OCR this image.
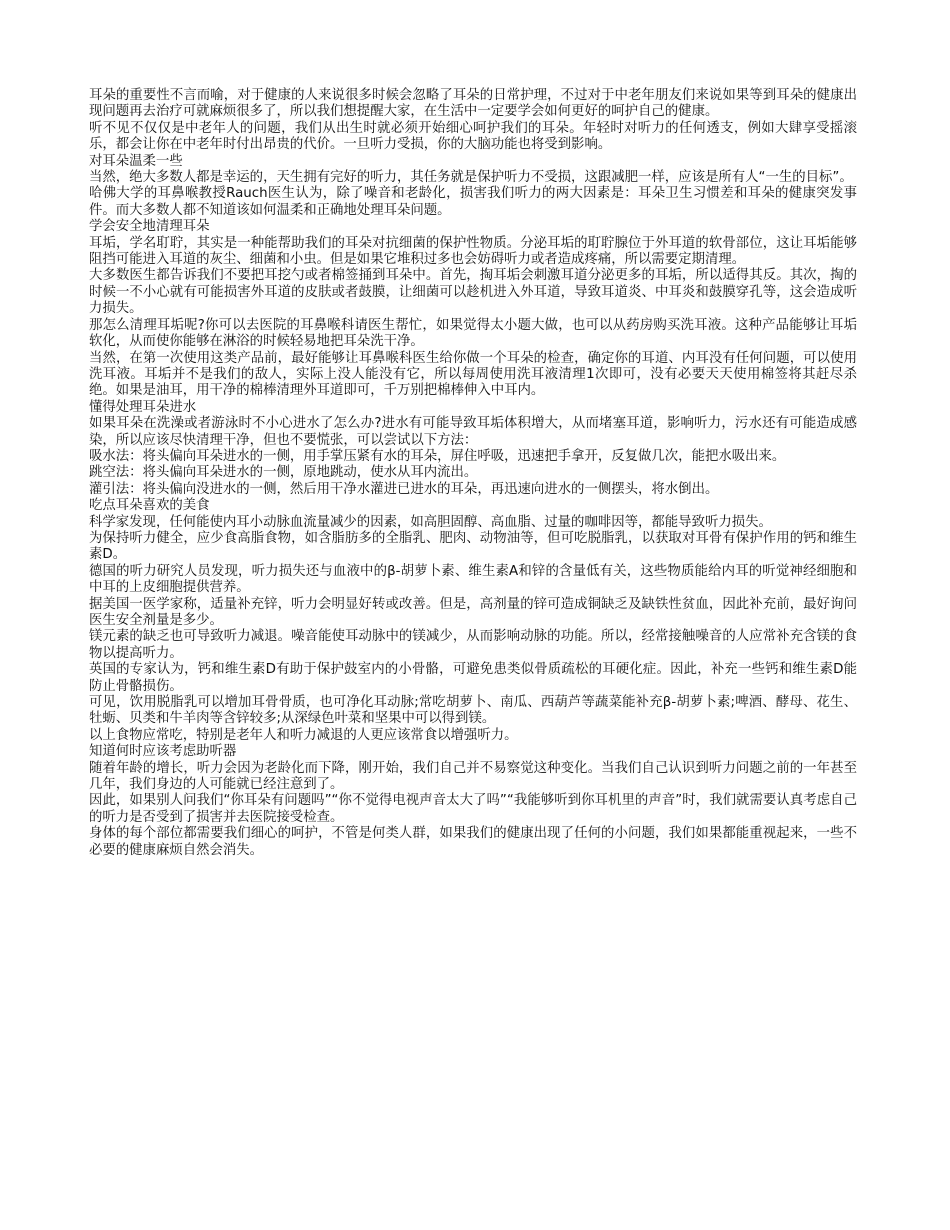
耳朵的重要性不言而喻，对于健康的人来说很多时候会忽略了耳朵的日常护理，不过对于中老年朋友们来说如果等到耳朵的健康出现问题再去治疗可就麻烦很多了，所以我们想提醒大家，在生活中一定要学会如何更好的呵护自己的健康。

听不见不仅仅是中老年人的问题，我们从出生时就必须开始细心呵护我们的耳朵。年轻时对听力的任何透支，例如大肆享受摇滚乐，都会让你在中老年时付出昂贵的代价。一旦听力受损，你的大脑功能也将受到影响。

对耳朵温柔一些

当然，绝大多数人都是幸运的，天生拥有完好的听力，其任务就是保护听力不受损，这跟减肥一样，应该是所有人“一生的目标”。

哈佛大学的耳鼻喉教授Rauch医生认为，除了噪音和老龄化，损害我们听力的两大因素是：耳朵卫生习惯差和耳朵的健康突发事件。而大多数人都不知道该如何温柔和正确地处理耳朵问题。

学会安全地清理耳朵

耳垢，学名耵聍，其实是一种能帮助我们的耳朵对抗细菌的保护性物质。分泌耳垢的耵聍腺位于外耳道的软骨部位，这让耳垢能够阻挡可能进入耳道的灰尘、细菌和小虫。但是如果它堆积过多也会妨碍听力或者造成疼痛，所以需要定期清理。

大多数医生都告诉我们不要把耳挖勺或者棉签捅到耳朵中。首先，掏耳垢会刺激耳道分泌更多的耳垢，所以适得其反。其次，掏的时候一不小心就有可能损害外耳道的皮肤或者鼓膜，让细菌可以趁机进入外耳道，导致耳道炎、中耳炎和鼓膜穿孔等，这会造成听力损失。

那怎么清理耳垢呢?你可以去医院的耳鼻喉科请医生帮忙，如果觉得太小题大做，也可以从药房购买洗耳液。这种产品能够让耳垢软化，从而使你能够在淋浴的时候轻易地把耳朵洗干净。

当然，在第一次使用这类产品前，最好能够让耳鼻喉科医生给你做一个耳朵的检查，确定你的耳道、内耳没有任何问题，可以使用洗耳液。耳垢并不是我们的敌人，实际上没人能没有它，所以每周使用洗耳液清理1次即可，没有必要天天使用棉签将其赶尽杀绝。如果是油耳，用干净的棉棒清理外耳道即可，千万别把棉棒伸入中耳内。

懂得处理耳朵进水

如果耳朵在洗澡或者游泳时不小心进水了怎么办?进水有可能导致耳垢体积增大，从而堵塞耳道，影响听力，污水还有可能造成感染，所以应该尽快清理干净，但也不要慌张，可以尝试以下方法：

吸水法：将头偏向耳朵进水的一侧，用手掌压紧有水的耳朵，屏住呼吸，迅速把手拿开，反复做几次，能把水吸出来。

跳空法：将头偏向耳朵进水的一侧，原地跳动，使水从耳内流出。

灌引法：将头偏向没进水的一侧，然后用干净水灌进已进水的耳朵，再迅速向进水的一侧摆头，将水倒出。

吃点耳朵喜欢的美食

科学家发现，任何能使内耳小动脉血流量减少的因素，如高胆固醇、高血脂、过量的咖啡因等，都能导致听力损失。

为保持听力健全，应少食高脂食物，如含脂肪多的全脂乳、肥肉、动物油等，但可吃脱脂乳，以获取对耳骨有保护作用的钙和维生素D。

德国的听力研究人员发现，听力损失还与血液中的β-胡萝卜素、维生素A和锌的含量低有关，这些物质能给内耳的听觉神经细胞和中耳的上皮细胞提供营养。

据美国一医学家称，适量补充锌，听力会明显好转或改善。但是，高剂量的锌可造成铜缺乏及缺铁性贫血，因此补充前，最好询问医生安全剂量是多少。

镁元素的缺乏也可导致听力减退。噪音能使耳动脉中的镁减少，从而影响动脉的功能。所以，经常接触噪音的人应常补充含镁的食物以提高听力。

英国的专家认为，钙和维生素D有助于保护鼓室内的小骨骼，可避免患类似骨质疏松的耳硬化症。因此，补充一些钙和维生素D能防止骨骼损伤。

可见，饮用脱脂乳可以增加耳骨骨质，也可净化耳动脉;常吃胡萝卜、南瓜、西葫芦等蔬菜能补充β-胡萝卜素;啤酒、酵母、花生、牡蛎、贝类和牛羊肉等含锌较多;从深绿色叶菜和坚果中可以得到镁。

以上食物应常吃，特别是老年人和听力减退的人更应该常食以增强听力。

知道何时应该考虑助听器

随着年龄的增长，听力会因为老龄化而下降，刚开始，我们自己并不易察觉这种变化。当我们自己认识到听力问题之前的一年甚至几年，我们身边的人可能就已经注意到了。

因此，如果别人问我们“你耳朵有问题吗”“你不觉得电视声音太大了吗”“我能够听到你耳机里的声音”时，我们就需要认真考虑自己的听力是否受到了损害并去医院接受检查。

身体的每个部位都需要我们细心的呵护，不管是何类人群，如果我们的健康出现了任何的小问题，我们如果都能重视起来，一些不必要的健康麻烦自然会消失。
